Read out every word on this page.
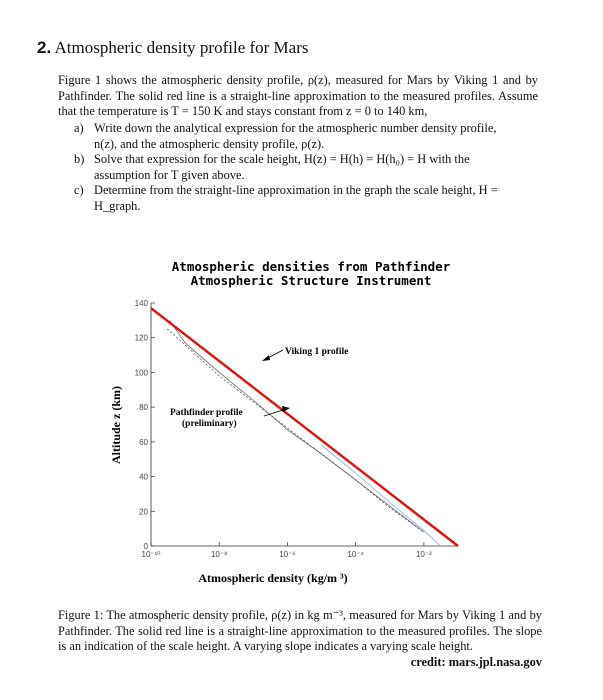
2. Atmospheric density profile for Mars
Figure 1 shows the atmospheric density profile, ρ(z), measured for Mars by Viking 1 and by Pathfinder. The solid red line is a straight-line approximation to the measured profiles. Assume that the temperature is T = 150 K and stays constant from z = 0 to 140 km,
a) Write down the analytical expression for the atmospheric number density profile,
n(z), and the atmospheric density profile, ρ(z).
b) Solve that expression for the scale height, H(z) = H(h) = H(h₀) = H with the
assumption for T given above.
c) Determine from the straight-line approximation in the graph the scale height, H =
H_graph.
Atmospheric densities from Pathfinder
Atmospheric Structure Instrument
0
20
40
60
80
100
120
140
10⁻¹⁰	10⁻⁸	10⁻⁶	10⁻⁴	10⁻²
Altitude z (km)
Atmospheric density (kg/m ³)
Viking 1 profile
Pathfinder profile
(preliminary)
Figure 1: The atmospheric density profile, ρ(z) in kg m⁻³, measured for Mars by Viking 1 and by Pathfinder. The solid red line is a straight-line approximation to the measured profiles. The slope is an indication of the scale height. A varying slope indicates a varying scale height.
credit: mars.jpl.nasa.gov
